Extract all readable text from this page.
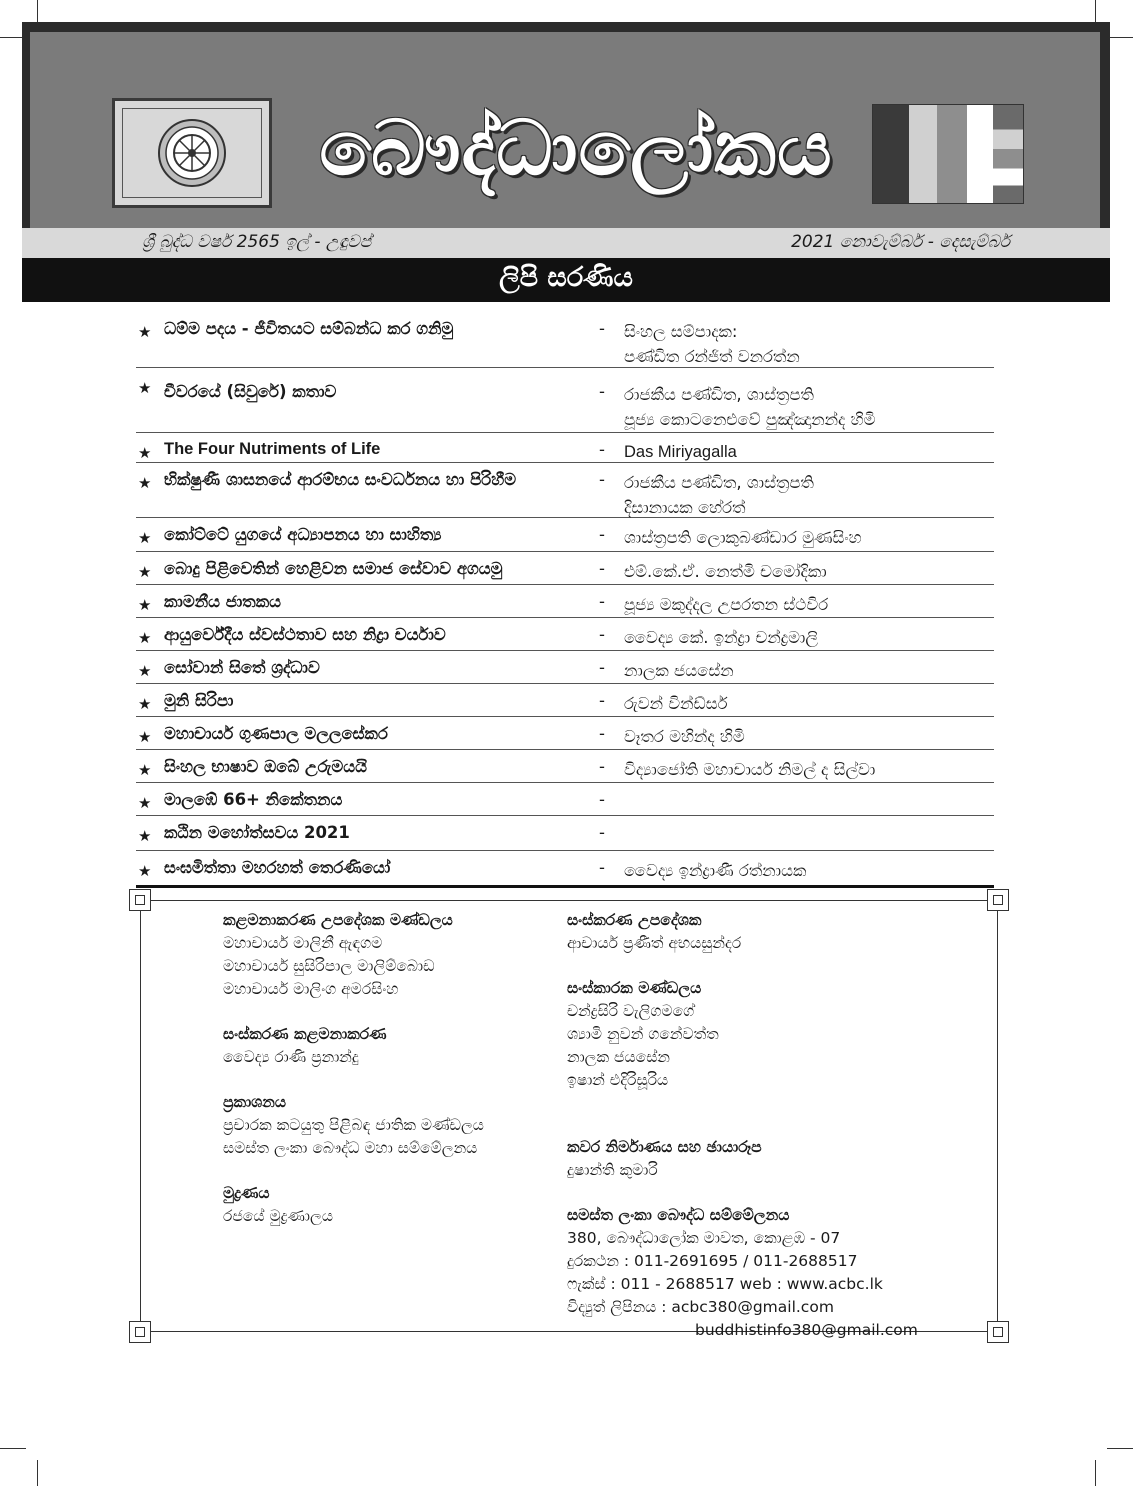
බෞද්ධාලෝකය
ශ්‍රී බුද්ධ වර්ෂ 2565 ඉල් - උඳුවප්	2021 නොවැම්බර් - දෙසැම්බර්
ලිපි සරණිය
★ ධම්ම පදය - ජීවිතයට සම්බන්ධ කර ගනිමු	- සිංහල සම්පාදක:
පණ්ඩිත රන්ජිත් වනරත්න
★ චීවරයේ (සිවුරේ) කතාව	- රාජකීය පණ්ඩිත, ශාස්ත්‍රපති
පූජ්‍ය කොටනෙළුවේ පුඤ්ඤානන්ද හිමි
★ The Four Nutriments of Life	- Das Miriyagalla
★ භික්ෂුණී ශාසනයේ ආරම්භය සංවර්ධනය හා පිරිහීම	- රාජකීය පණ්ඩිත, ශාස්ත්‍රපති
දිසානායක හේරත්
★ කෝට්ටේ යුගයේ අධ්‍යාපනය හා සාහිත්‍ය	- ශාස්ත්‍රපති ලොකුබණ්ඩාර මුණසිංහ
★ බොදු පිළිවෙතින් හෙළිවන සමාජ සේවාව අගයමු	- එම්.කේ.ඒ. නෙත්මි චමෝදිකා
★ කාමනීය ජාතකය	- පූජ්‍ය මකුද්දල උපරතන ස්ථවිර
★ ආයුර්වේදීය ස්වස්ථතාව සහ නිද්‍රා චර්යාව	- වෛද්‍ය කේ. ඉන්ද්‍රා චන්ද්‍රමාලි
★ සෝවාන් සිතේ ශ්‍රද්ධාව	- නාලක ජයසේන
★ මුනි සිරිපා	- රුවන් වින්ඩ්සර්
★ මහාචාර්ය ගුණපාල මලලසේකර	- වෑතර මහින්ද හිමි
★ සිංහල භාෂාව ඔබේ උරුමයයි	- විද්‍යාජෝති මහාචාර්ය නිමල් ද සිල්වා
★ මාලඹේ 66+ නිකේතනය	-
★ කඨින මහෝත්සවය 2021	-
★ සංඝමිත්තා මහරහත් තෙරණියෝ	- වෛද්‍ය ඉන්ද්‍රාණී රත්නායක
කළමනාකරණ උපදේශක මණ්ඩලය
මහාචාර්ය මාලිනී ඇඳගම
මහාචාර්ය සුසිරිපාල මාලිම්බොඩ
මහාචාර්ය මාලිංග අමරසිංහ
සංස්කරණ කළමනාකරණ
වෛද්‍ය රාණි ප්‍රනාන්දු
ප්‍රකාශනය
ප්‍රචාරක කටයුතු පිළිබඳ ජාතික මණ්ඩලය
සමස්ත ලංකා බෞද්ධ මහා සම්මේලනය
මුද්‍රණය
රජයේ මුද්‍රණාලය
සංස්කරණ උපදේශක
ආචාර්ය ප්‍රණීත් අභයසුන්දර
සංස්කාරක මණ්ඩලය
චන්ද්‍රසිරි වැලිගමගේ
ශ්‍යාමි නුවන් ගනේවත්ත
නාලක ජයසේන
ඉෂාන් එදිරිසූරිය
කවර නිර්මාණය සහ ඡායාරූප
දුෂාන්ති කුමාරි
සමස්ත ලංකා බෞද්ධ සම්මේලනය
380, බෞද්ධාලෝක මාවත, කොළඹ - 07
දුරකථන : 011-2691695 / 011-2688517
ෆැක්ස් : 011 - 2688517 web : www.acbc.lk
විද්‍යුත් ලිපිනය : acbc380@gmail.com
buddhistinfo380@gmail.com
